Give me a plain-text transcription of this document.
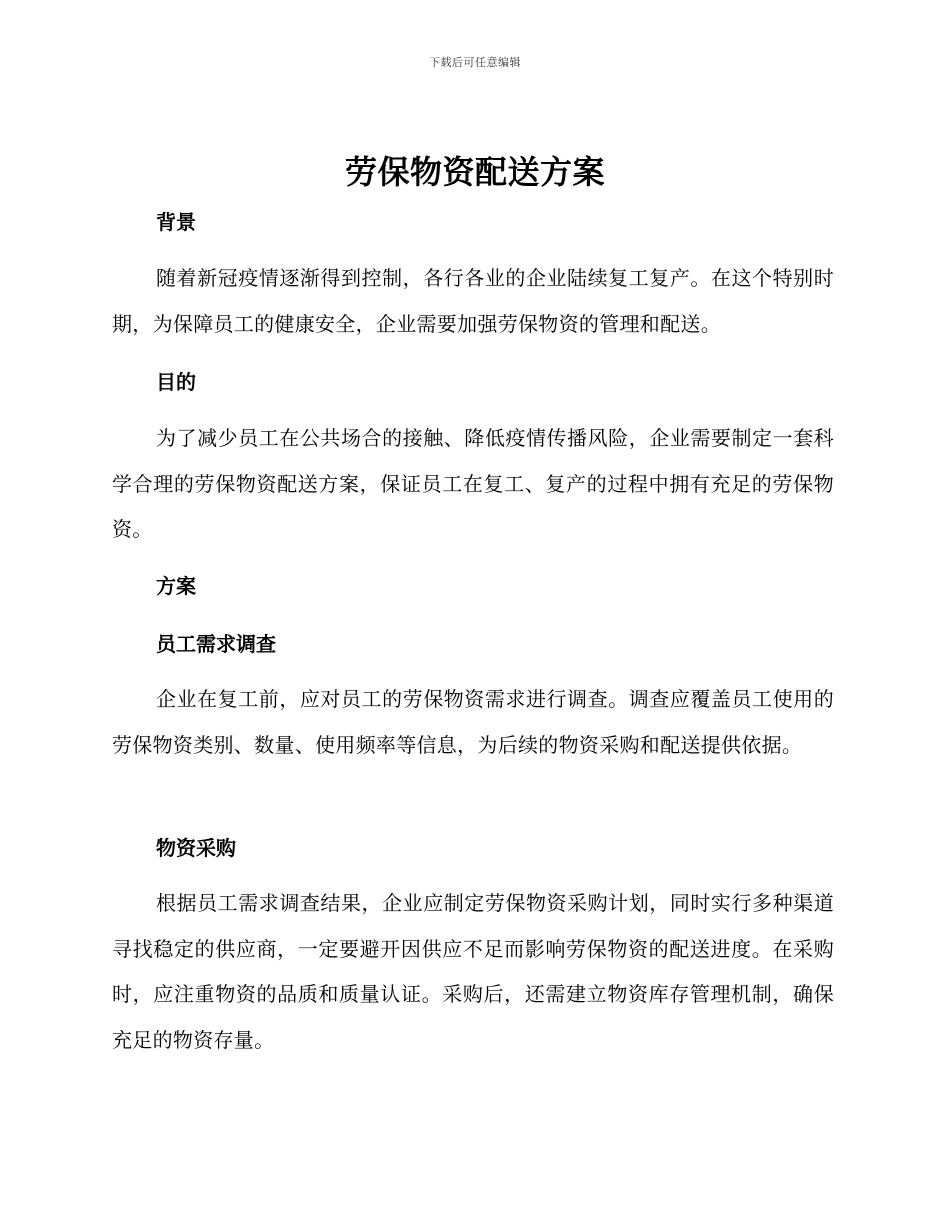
下载后可任意编辑
劳保物资配送方案
背景
随着新冠疫情逐渐得到控制，各行各业的企业陆续复工复产。在这个特别时期，为保障员工的健康安全，企业需要加强劳保物资的管理和配送。
目的
为了减少员工在公共场合的接触、降低疫情传播风险，企业需要制定一套科学合理的劳保物资配送方案，保证员工在复工、复产的过程中拥有充足的劳保物资。
方案
员工需求调查
企业在复工前，应对员工的劳保物资需求进行调查。调查应覆盖员工使用的劳保物资类别、数量、使用频率等信息，为后续的物资采购和配送提供依据。
物资采购
根据员工需求调查结果，企业应制定劳保物资采购计划，同时实行多种渠道寻找稳定的供应商，一定要避开因供应不足而影响劳保物资的配送进度。在采购时，应注重物资的品质和质量认证。采购后，还需建立物资库存管理机制，确保充足的物资存量。
